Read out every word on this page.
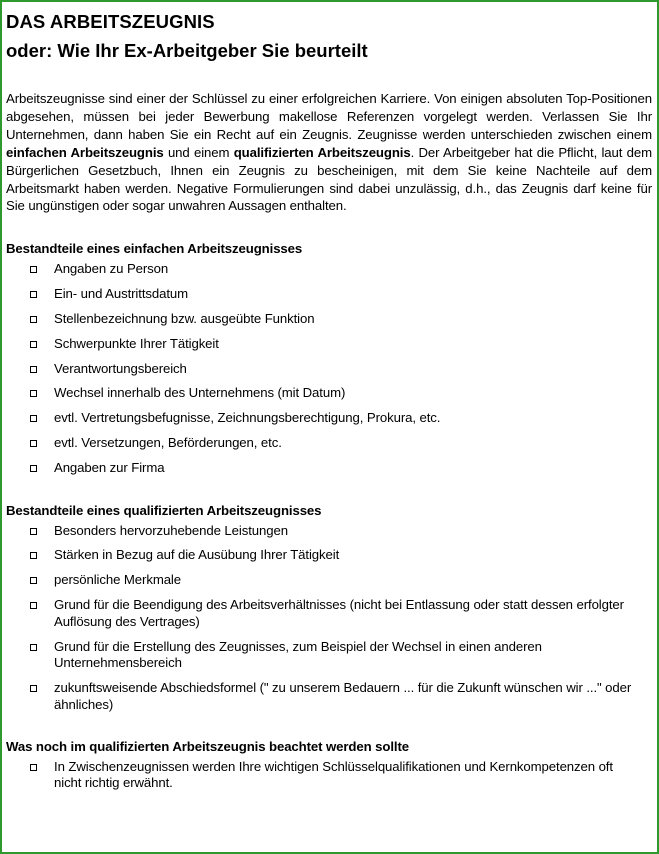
DAS ARBEITSZEUGNIS
oder: Wie Ihr Ex-Arbeitgeber Sie beurteilt

Arbeitszeugnisse sind einer der Schlüssel zu einer erfolgreichen Karriere. Von einigen absoluten Top-Positionen abgesehen, müssen bei jeder Bewerbung makellose Referenzen vorgelegt werden. Verlassen Sie Ihr Unternehmen, dann haben Sie ein Recht auf ein Zeugnis. Zeugnisse werden unterschieden zwischen einem einfachen Arbeitszeugnis und einem qualifizierten Arbeitszeugnis. Der Arbeitgeber hat die Pflicht, laut dem Bürgerlichen Gesetzbuch, Ihnen ein Zeugnis zu bescheinigen, mit dem Sie keine Nachteile auf dem Arbeitsmarkt haben werden. Negative Formulierungen sind dabei unzulässig, d.h., das Zeugnis darf keine für Sie ungünstigen oder sogar unwahren Aussagen enthalten.

Bestandteile eines einfachen Arbeitszeugnisses
Angaben zu Person
Ein- und Austrittsdatum
Stellenbezeichnung bzw. ausgeübte Funktion
Schwerpunkte Ihrer Tätigkeit
Verantwortungsbereich
Wechsel innerhalb des Unternehmens (mit Datum)
evtl. Vertretungsbefugnisse, Zeichnungsberechtigung, Prokura, etc.
evtl. Versetzungen, Beförderungen, etc.
Angaben zur Firma
Bestandteile eines qualifizierten Arbeitszeugnisses
Besonders hervorzuhebende Leistungen
Stärken in Bezug auf die Ausübung Ihrer Tätigkeit
persönliche Merkmale
Grund für die Beendigung des Arbeitsverhältnisses (nicht bei Entlassung oder statt dessen erfolgter Auflösung des Vertrages)
Grund für die Erstellung des Zeugnisses, zum Beispiel der Wechsel in einen anderen Unternehmensbereich
zukunftsweisende Abschiedsformel (" zu unserem Bedauern ... für die Zukunft wünschen wir ..." oder ähnliches)
Was noch im qualifizierten Arbeitszeugnis beachtet werden sollte
In Zwischenzeugnissen werden Ihre wichtigen Schlüsselqualifikationen und Kernkompetenzen oft nicht richtig erwähnt.
